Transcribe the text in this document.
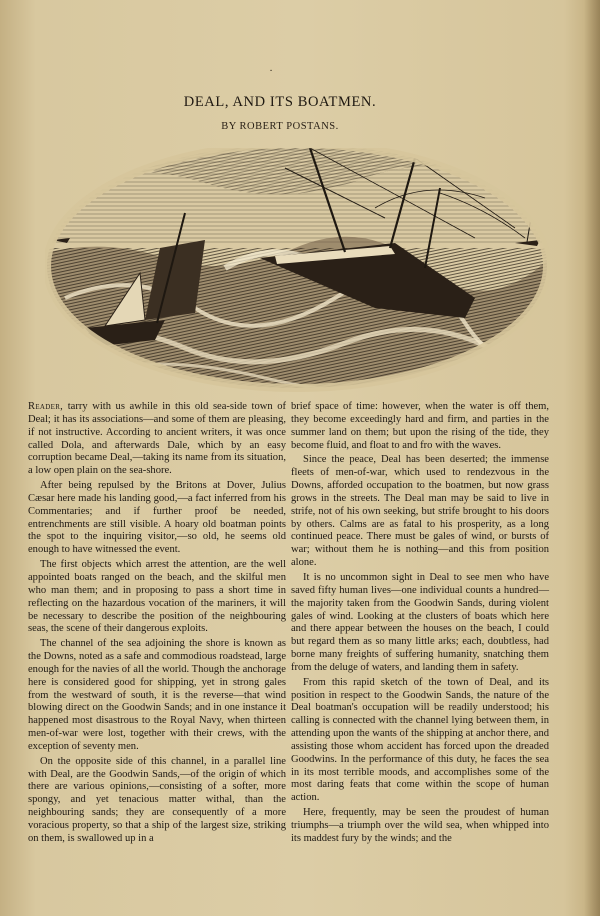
·
DEAL, AND ITS BOATMEN.
BY ROBERT POSTANS.

Reader, tarry with us awhile in this old sea-side town of Deal; it has its associations—and some of them are pleasing, if not instructive. According to ancient writers, it was once called Dola, and afterwards Dale, which by an easy corruption became Deal,—taking its name from its situation, a low open plain on the sea-shore.

After being repulsed by the Britons at Dover, Julius Cæsar here made his landing good,—a fact inferred from his Commentaries; and if further proof be needed, entrenchments are still visible. A hoary old boatman points the spot to the inquiring visitor,—so old, he seems old enough to have witnessed the event.

The first objects which arrest the attention, are the well appointed boats ranged on the beach, and the skilful men who man them; and in proposing to pass a short time in reflecting on the hazardous vocation of the mariners, it will be necessary to describe the position of the neighbouring seas, the scene of their dangerous exploits.

The channel of the sea adjoining the shore is known as the Downs, noted as a safe and commodious roadstead, large enough for the navies of all the world. Though the anchorage here is considered good for shipping, yet in strong gales from the westward of south, it is the reverse—that wind blowing direct on the Goodwin Sands; and in one instance it happened most disastrous to the Royal Navy, when thirteen men-of-war were lost, together with their crews, with the exception of seventy men.

On the opposite side of this channel, in a parallel line with Deal, are the Goodwin Sands,—of the origin of which there are various opinions,—consisting of a softer, more spongy, and yet tenacious matter withal, than the neighbouring sands; they are consequently of a more voracious property, so that a ship of the largest size, striking on them, is swallowed up in a

brief space of time: however, when the water is off them, they become exceedingly hard and firm, and parties in the summer land on them; but upon the rising of the tide, they become fluid, and float to and fro with the waves.

Since the peace, Deal has been deserted; the immense fleets of men-of-war, which used to rendezvous in the Downs, afforded occupation to the boatmen, but now grass grows in the streets. The Deal man may be said to live in strife, not of his own seeking, but strife brought to his doors by others. Calms are as fatal to his prosperity, as a long continued peace. There must be gales of wind, or bursts of war; without them he is nothing—and this from position alone.

It is no uncommon sight in Deal to see men who have saved fifty human lives—one individual counts a hundred—the majority taken from the Goodwin Sands, during violent gales of wind. Looking at the clusters of boats which here and there appear between the houses on the beach, I could but regard them as so many little arks; each, doubtless, had borne many freights of suffering humanity, snatching them from the deluge of waters, and landing them in safety.

From this rapid sketch of the town of Deal, and its position in respect to the Goodwin Sands, the nature of the Deal boatman's occupation will be readily understood; his calling is connected with the channel lying between them, in attending upon the wants of the shipping at anchor there, and assisting those whom accident has forced upon the dreaded Goodwins. In the performance of this duty, he faces the sea in its most terrible moods, and accomplishes some of the most daring feats that come within the scope of human action.

Here, frequently, may be seen the proudest of human triumphs—a triumph over the wild sea, when whipped into its maddest fury by the winds; and the
